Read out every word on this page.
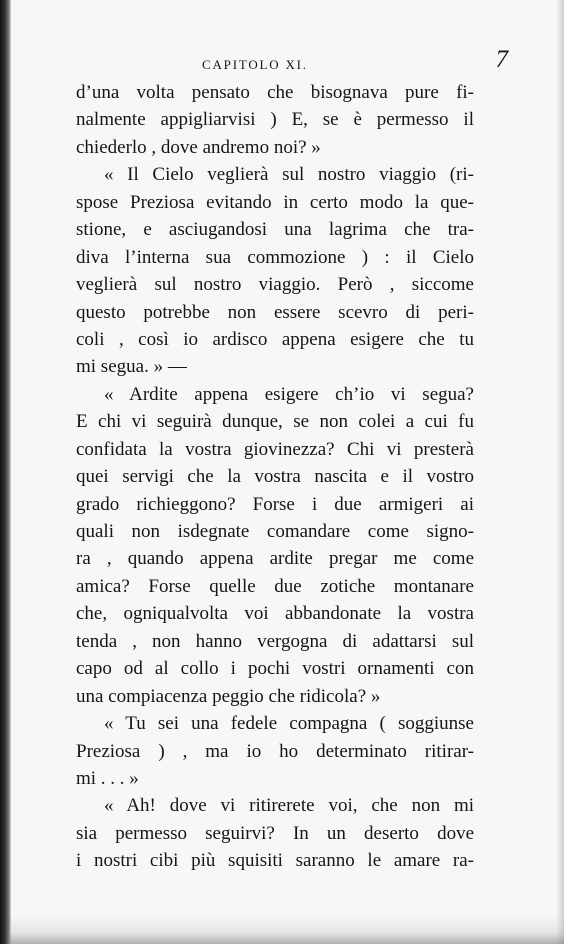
CAPITOLO XI.	7
d’una volta pensato che bisognava pure fi-
nalmente appigliarvisi ) E, se è permesso il
chiederlo , dove andremo noi? »
« Il Cielo veglierà sul nostro viaggio (ri-
spose Preziosa evitando in certo modo la que-
stione, e asciugandosi una lagrima che tra-
diva l’interna sua commozione ) : il Cielo
veglierà sul nostro viaggio. Però , siccome
questo potrebbe non essere scevro di peri-
coli , così io ardisco appena esigere che tu
mi segua. » —
« Ardite appena esigere ch’io vi segua?
E chi vi seguirà dunque, se non colei a cui fu
confidata la vostra giovinezza? Chi vi presterà
quei servigi che la vostra nascita e il vostro
grado richieggono? Forse i due armigeri ai
quali non isdegnate comandare come signo-
ra , quando appena ardite pregar me come
amica? Forse quelle due zotiche montanare
che, ogniqualvolta voi abbandonate la vostra
tenda , non hanno vergogna di adattarsi sul
capo od al collo i pochi vostri ornamenti con
una compiacenza peggio che ridicola? »
« Tu sei una fedele compagna ( soggiunse
Preziosa ) , ma io ho determinato ritirar-
mi . . . »
« Ah! dove vi ritirerete voi, che non mi
sia permesso seguirvi? In un deserto dove
i nostri cibi più squisiti saranno le amare ra-
